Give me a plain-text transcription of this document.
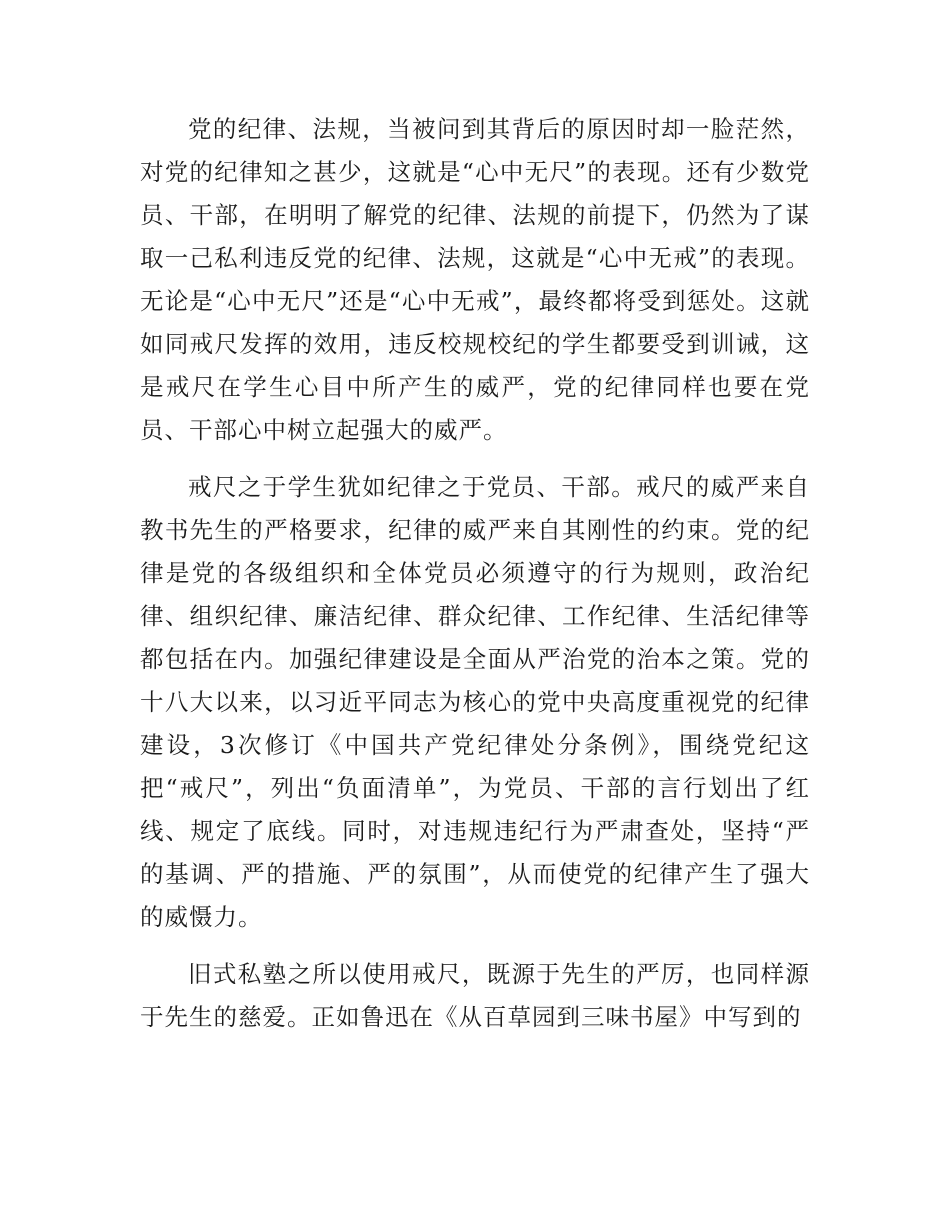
党的纪律、法规，当被问到其背后的原因时却一脸茫然，对党的纪律知之甚少，这就是“心中无尺”的表现。还有少数党员、干部，在明明了解党的纪律、法规的前提下，仍然为了谋取一己私利违反党的纪律、法规，这就是“心中无戒”的表现。无论是“心中无尺”还是“心中无戒”，最终都将受到惩处。这就如同戒尺发挥的效用，违反校规校纪的学生都要受到训诫，这是戒尺在学生心目中所产生的威严，党的纪律同样也要在党员、干部心中树立起强大的威严。

戒尺之于学生犹如纪律之于党员、干部。戒尺的威严来自教书先生的严格要求，纪律的威严来自其刚性的约束。党的纪律是党的各级组织和全体党员必须遵守的行为规则，政治纪律、组织纪律、廉洁纪律、群众纪律、工作纪律、生活纪律等都包括在内。加强纪律建设是全面从严治党的治本之策。党的十八大以来，以习近平同志为核心的党中央高度重视党的纪律建设，3次修订《中国共产党纪律处分条例》，围绕党纪这把“戒尺”，列出“负面清单”，为党员、干部的言行划出了红线、规定了底线。同时，对违规违纪行为严肃查处，坚持“严的基调、严的措施、严的氛围”，从而使党的纪律产生了强大的威慑力。

旧式私塾之所以使用戒尺，既源于先生的严厉，也同样源于先生的慈爱。正如鲁迅在《从百草园到三味书屋》中写到的
